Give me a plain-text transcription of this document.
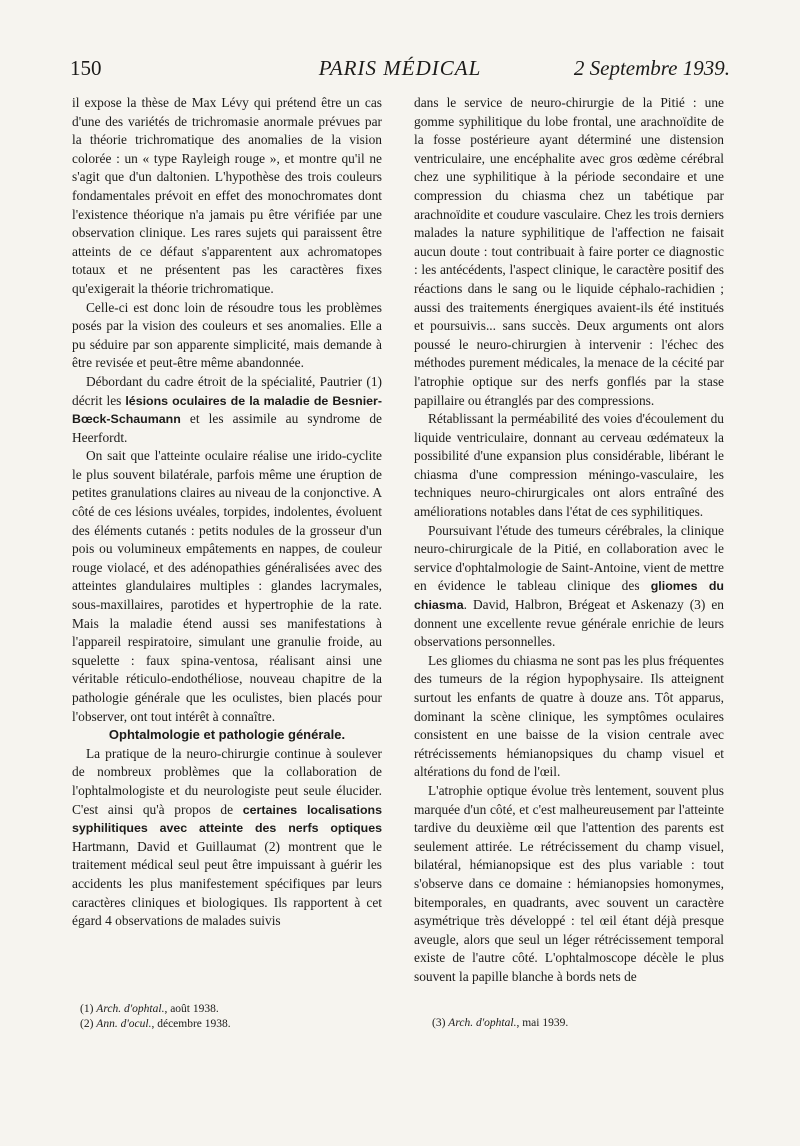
150	PARIS MÉDICAL	2 Septembre 1939.

il expose la thèse de Max Lévy qui prétend être un cas d'une des variétés de trichromasie anormale prévues par la théorie trichromatique des anomalies de la vision colorée : un « type Rayleigh rouge », et montre qu'il ne s'agit que d'un daltonien. L'hypothèse des trois couleurs fondamentales prévoit en effet des monochromates dont l'existence théorique n'a jamais pu être vérifiée par une observation clinique. Les rares sujets qui paraissent être atteints de ce défaut s'apparentent aux achromatopes totaux et ne présentent pas les caractères fixes qu'exigerait la théorie trichromatique.

Celle-ci est donc loin de résoudre tous les problèmes posés par la vision des couleurs et ses anomalies. Elle a pu séduire par son apparente simplicité, mais demande à être revisée et peut-être même abandonnée.

Débordant du cadre étroit de la spécialité, Pautrier (1) décrit les lésions oculaires de la maladie de Besnier-Bœck-Schaumann et les assimile au syndrome de Heerfordt.

On sait que l'atteinte oculaire réalise une irido-cyclite le plus souvent bilatérale, parfois même une éruption de petites granulations claires au niveau de la conjonctive. A côté de ces lésions uvéales, torpides, indolentes, évoluent des éléments cutanés : petits nodules de la grosseur d'un pois ou volumineux empâtements en nappes, de couleur rouge violacé, et des adénopathies généralisées avec des atteintes glandulaires multiples : glandes lacrymales, sous-maxillaires, parotides et hypertrophie de la rate. Mais la maladie étend aussi ses manifestations à l'appareil respiratoire, simulant une granulie froide, au squelette : faux spina-ventosa, réalisant ainsi une véritable réticulo-endothéliose, nouveau chapitre de la pathologie générale que les oculistes, bien placés pour l'observer, ont tout intérêt à connaître.

Ophtalmologie et pathologie générale.

La pratique de la neuro-chirurgie continue à soulever de nombreux problèmes que la collaboration de l'ophtalmologiste et du neurologiste peut seule élucider. C'est ainsi qu'à propos de certaines localisations syphilitiques avec atteinte des nerfs optiques Hartmann, David et Guillaumat (2) montrent que le traitement médical seul peut être impuissant à guérir les accidents les plus manifestement spécifiques par leurs caractères cliniques et biologiques. Ils rapportent à cet égard 4 observations de malades suivis

dans le service de neuro-chirurgie de la Pitié : une gomme syphilitique du lobe frontal, une arachnoïdite de la fosse postérieure ayant déterminé une distension ventriculaire, une encéphalite avec gros œdème cérébral chez une syphilitique à la période secondaire et une compression du chiasma chez un tabétique par arachnoïdite et coudure vasculaire. Chez les trois derniers malades la nature syphilitique de l'affection ne faisait aucun doute : tout contribuait à faire porter ce diagnostic : les antécédents, l'aspect clinique, le caractère positif des réactions dans le sang ou le liquide céphalo-rachidien ; aussi des traitements énergiques avaient-ils été institués et poursuivis... sans succès. Deux arguments ont alors poussé le neuro-chirurgien à intervenir : l'échec des méthodes purement médicales, la menace de la cécité par l'atrophie optique sur des nerfs gonflés par la stase papillaire ou étranglés par des compressions.

Rétablissant la perméabilité des voies d'écoulement du liquide ventriculaire, donnant au cerveau œdémateux la possibilité d'une expansion plus considérable, libérant le chiasma d'une compression méningo-vasculaire, les techniques neuro-chirurgicales ont alors entraîné des améliorations notables dans l'état de ces syphilitiques.

Poursuivant l'étude des tumeurs cérébrales, la clinique neuro-chirurgicale de la Pitié, en collaboration avec le service d'ophtalmologie de Saint-Antoine, vient de mettre en évidence le tableau clinique des gliomes du chiasma. David, Halbron, Brégeat et Askenazy (3) en donnent une excellente revue générale enrichie de leurs observations personnelles.

Les gliomes du chiasma ne sont pas les plus fréquentes des tumeurs de la région hypophysaire. Ils atteignent surtout les enfants de quatre à douze ans. Tôt apparus, dominant la scène clinique, les symptômes oculaires consistent en une baisse de la vision centrale avec rétrécissements hémianopsiques du champ visuel et altérations du fond de l'œil.

L'atrophie optique évolue très lentement, souvent plus marquée d'un côté, et c'est malheureusement par l'atteinte tardive du deuxième œil que l'attention des parents est seulement attirée. Le rétrécissement du champ visuel, bilatéral, hémianopsique est des plus variable : tout s'observe dans ce domaine : hémianopsies homonymes, bitemporales, en quadrants, avec souvent un caractère asymétrique très développé : tel œil étant déjà presque aveugle, alors que seul un léger rétrécissement temporal existe de l'autre côté. L'ophtalmoscope décèle le plus souvent la papille blanche à bords nets de

(1) Arch. d'ophtal., août 1938.
(2) Ann. d'ocul., décembre 1938.	(3) Arch. d'ophtal., mai 1939.
